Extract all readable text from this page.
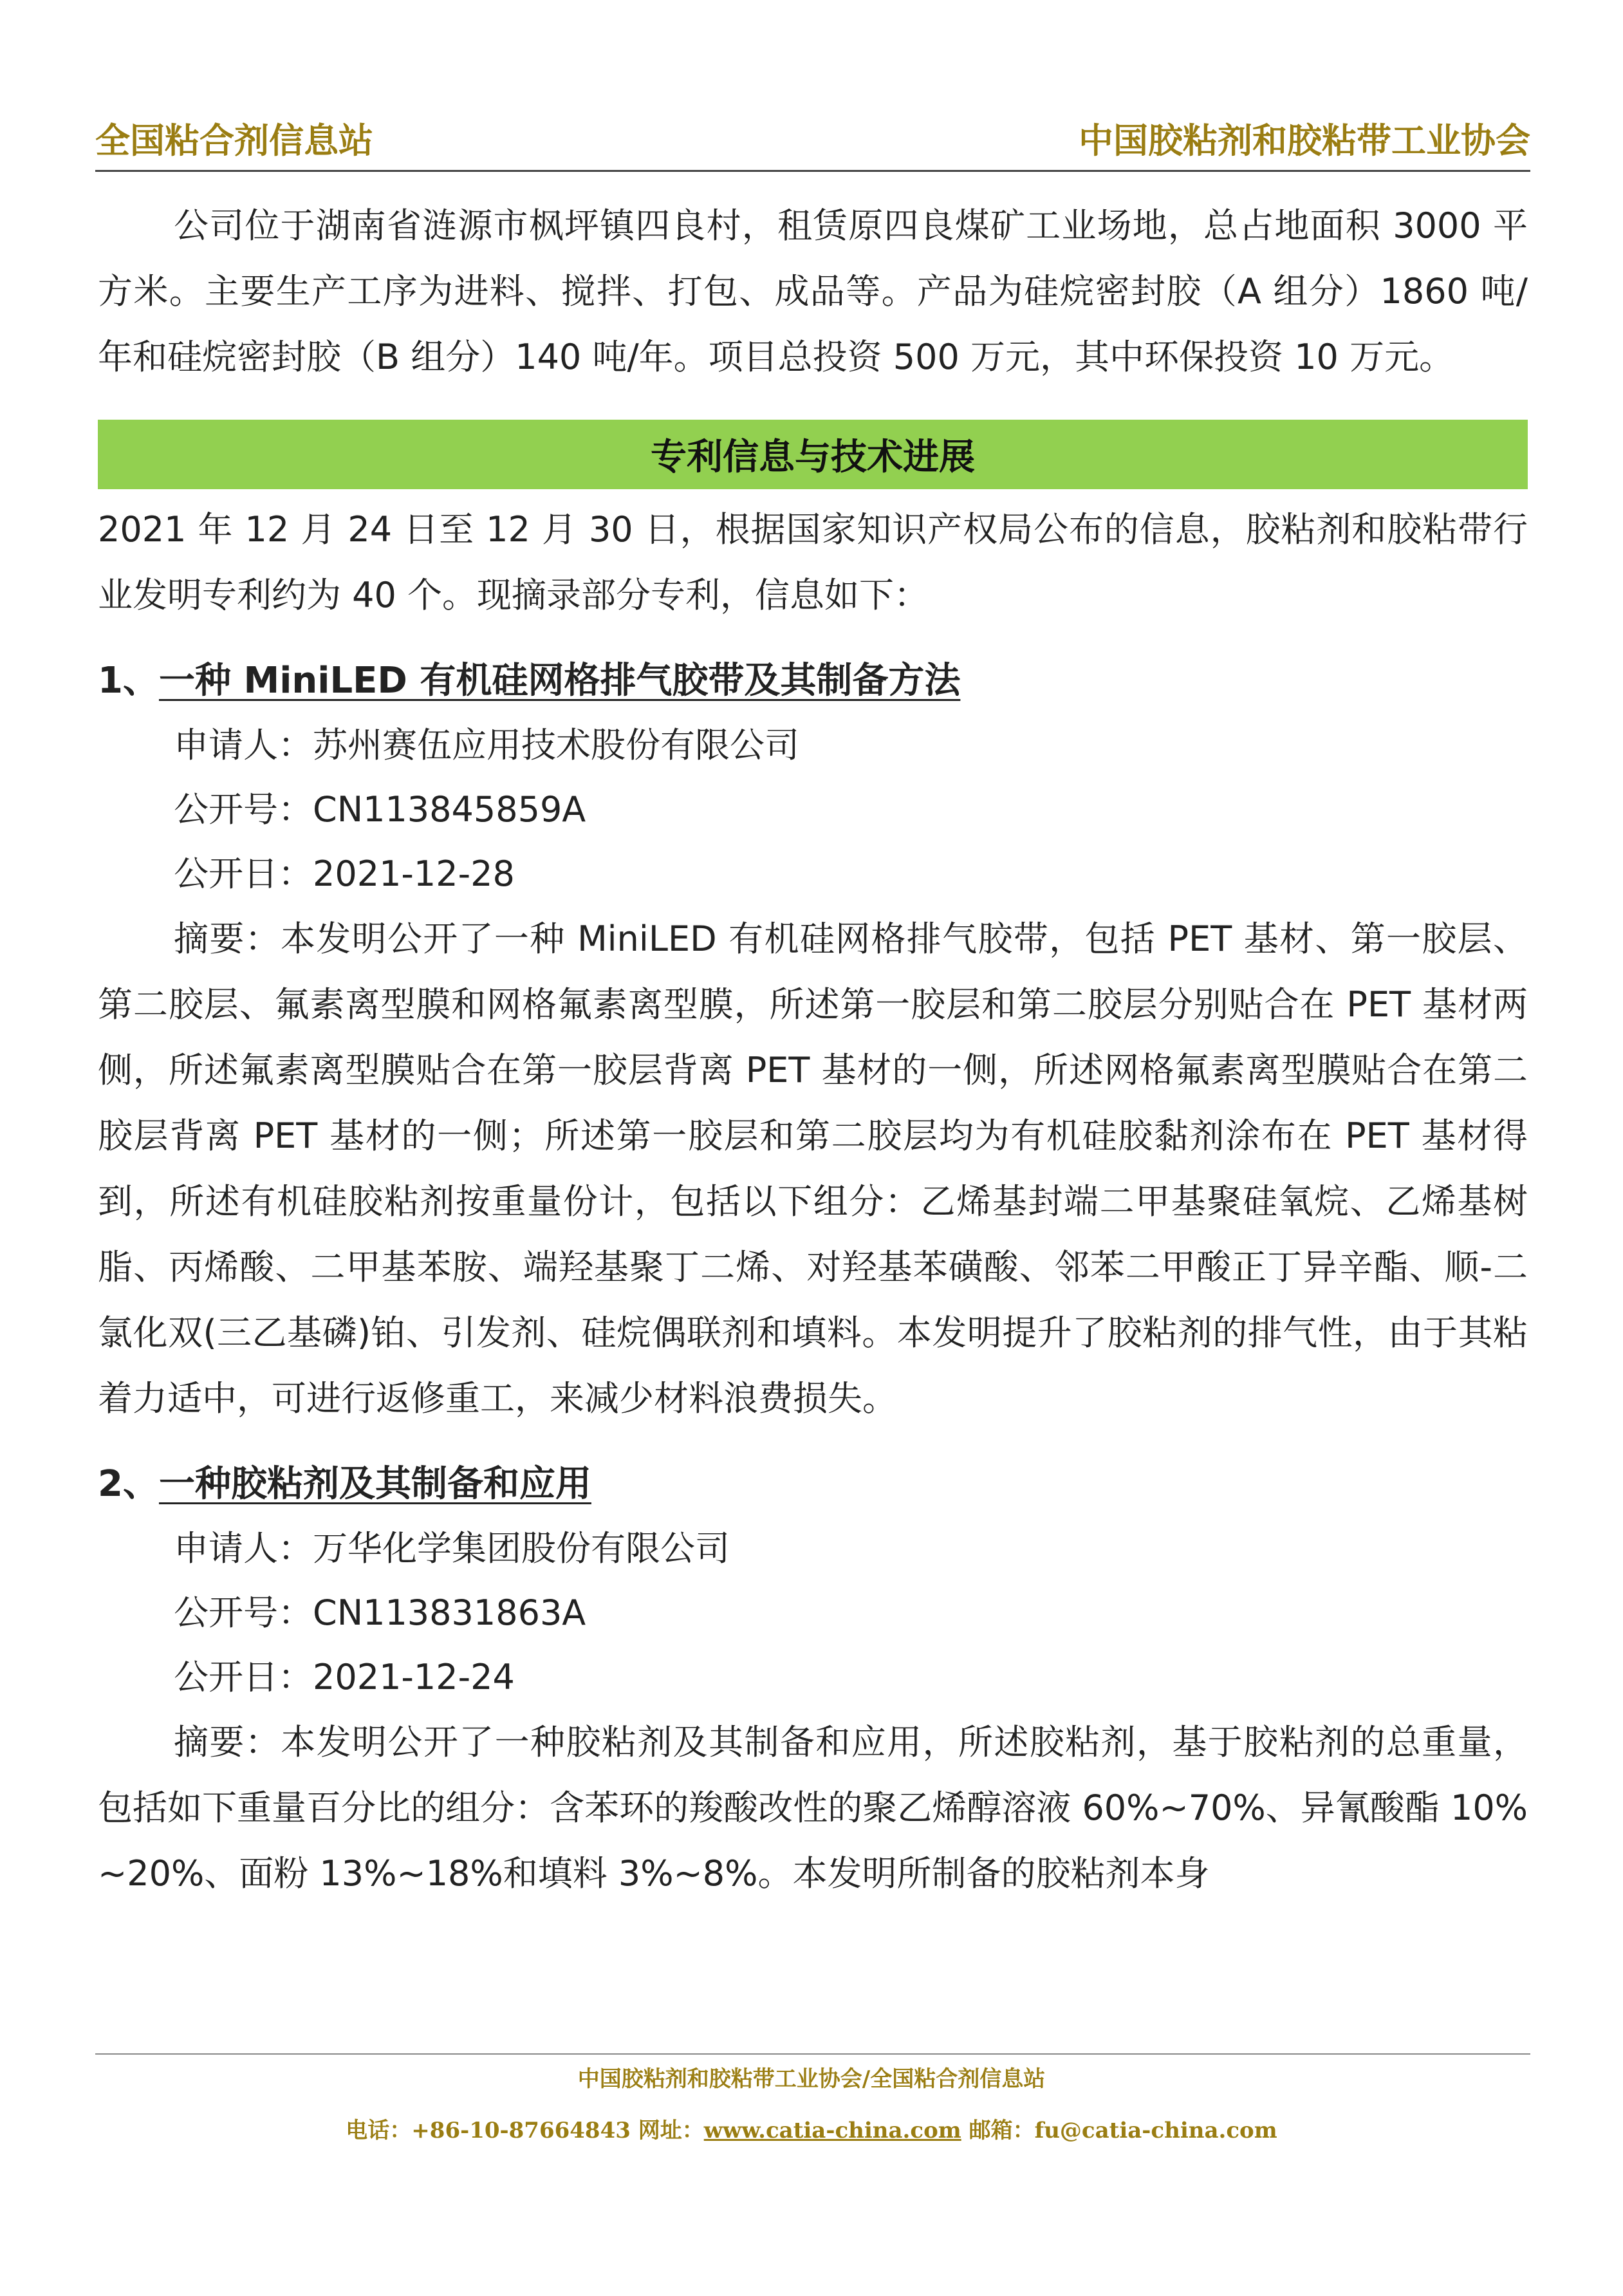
全国粘合剂信息站	中国胶粘剂和胶粘带工业协会

公司位于湖南省涟源市枫坪镇四良村，租赁原四良煤矿工业场地，总占地面积 3000 平方米。主要生产工序为进料、搅拌、打包、成品等。产品为硅烷密封胶（A 组分）1860 吨/年和硅烷密封胶（B 组分）140 吨/年。项目总投资 500 万元，其中环保投资 10 万元。

专利信息与技术进展

2021 年 12 月 24 日至 12 月 30 日，根据国家知识产权局公布的信息，胶粘剂和胶粘带行业发明专利约为 40 个。现摘录部分专利，信息如下：

1、一种 MiniLED 有机硅网格排气胶带及其制备方法

申请人：苏州赛伍应用技术股份有限公司

公开号：CN113845859A

公开日：2021-12-28

摘要：本发明公开了一种 MiniLED 有机硅网格排气胶带，包括 PET 基材、第一胶层、第二胶层、氟素离型膜和网格氟素离型膜，所述第一胶层和第二胶层分别贴合在 PET 基材两侧，所述氟素离型膜贴合在第一胶层背离 PET 基材的一侧，所述网格氟素离型膜贴合在第二胶层背离 PET 基材的一侧；所述第一胶层和第二胶层均为有机硅胶黏剂涂布在 PET 基材得到，所述有机硅胶粘剂按重量份计，包括以下组分：乙烯基封端二甲基聚硅氧烷、乙烯基树脂、丙烯酸、二甲基苯胺、端羟基聚丁二烯、对羟基苯磺酸、邻苯二甲酸正丁异辛酯、顺-二氯化双(三乙基磷)铂、引发剂、硅烷偶联剂和填料。本发明提升了胶粘剂的排气性，由于其粘着力适中，可进行返修重工，来减少材料浪费损失。

2、一种胶粘剂及其制备和应用

申请人：万华化学集团股份有限公司

公开号：CN113831863A

公开日：2021-12-24

摘要：本发明公开了一种胶粘剂及其制备和应用，所述胶粘剂，基于胶粘剂的总重量，包括如下重量百分比的组分：含苯环的羧酸改性的聚乙烯醇溶液 60%~70%、异氰酸酯 10%~20%、面粉 13%~18%和填料 3%~8%。本发明所制备的胶粘剂本身

中国胶粘剂和胶粘带工业协会/全国粘合剂信息站
电话：+86-10-87664843 网址：www.catia-china.com 邮箱：fu@catia-china.com
